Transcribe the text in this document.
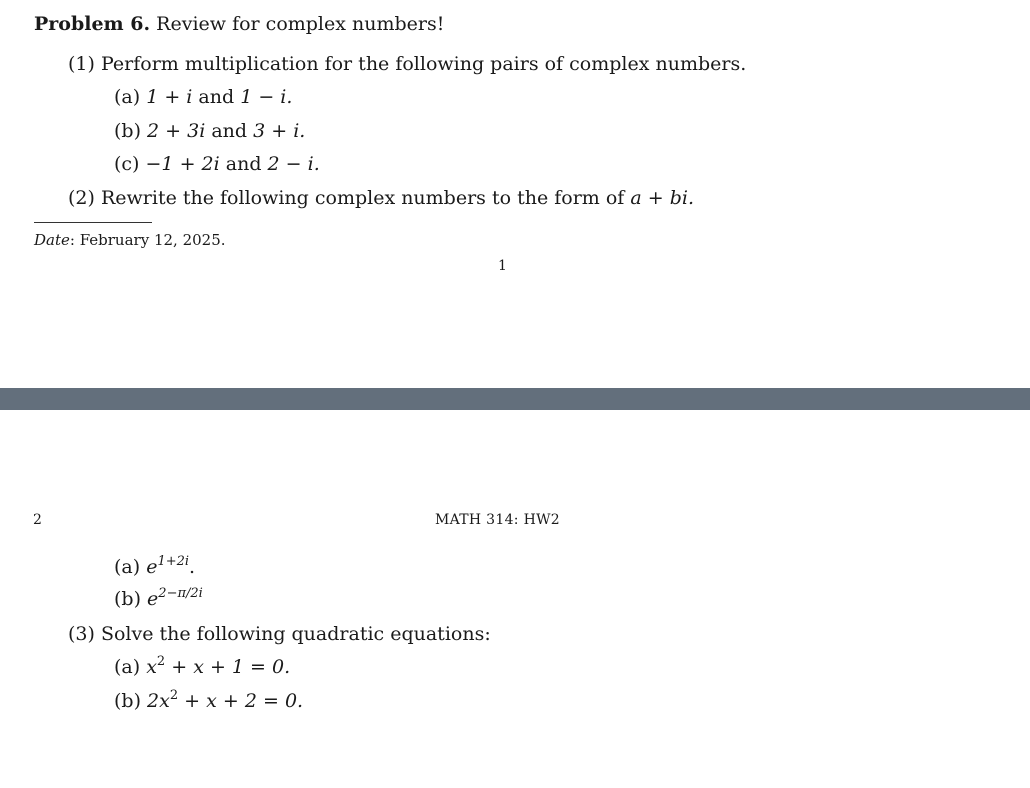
Problem 6. Review for complex numbers!
(1) Perform multiplication for the following pairs of complex numbers.
(a) 1 + i and 1 − i.
(b) 2 + 3i and 3 + i.
(c) −1 + 2i and 2 − i.
(2) Rewrite the following complex numbers to the form of a + bi.
Date: February 12, 2025.
1
2	MATH 314: HW2
(a) $e^{1+2i}$.
(b) $e^{2-\pi/2i}$
(3) Solve the following quadratic equations:
(a) $x^2 + x + 1 = 0$.
(b) $2x^2 + x + 2 = 0$.
